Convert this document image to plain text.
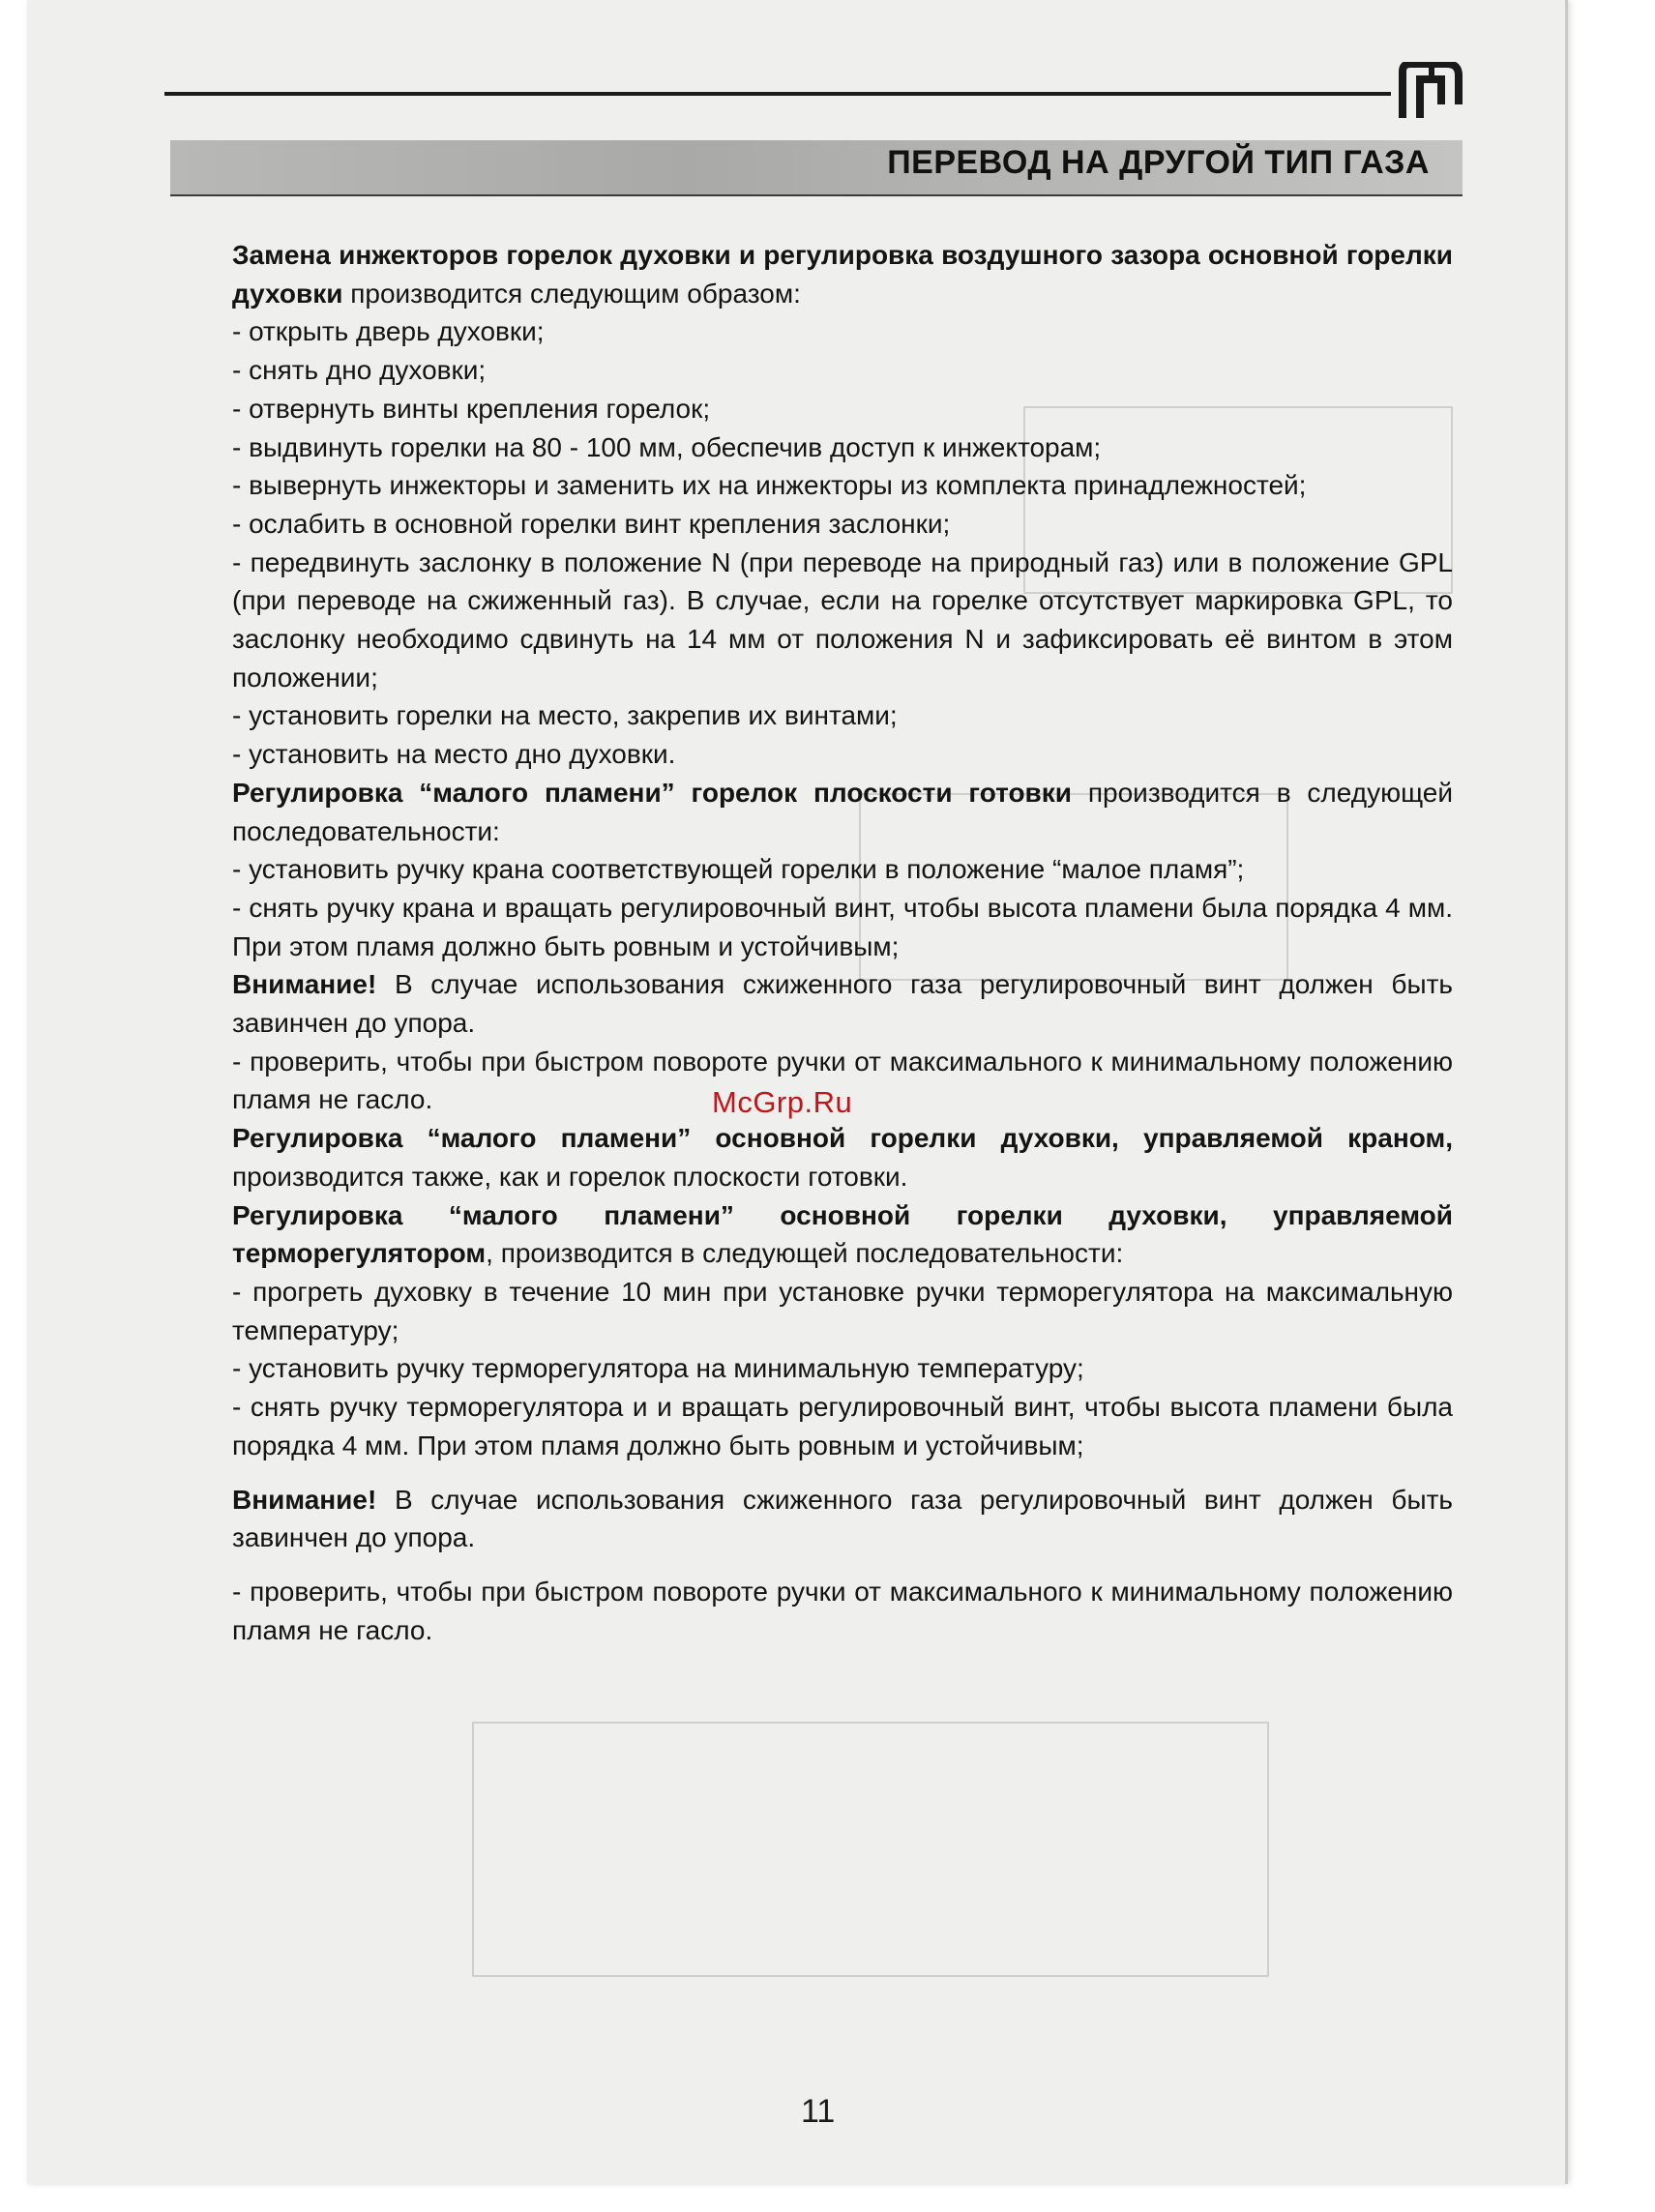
ПЕРЕВОД НА ДРУГОЙ ТИП ГАЗА

Замена инжекторов горелок духовки и регулировка воздушного зазора основной горелки духовки производится следующим образом:

- открыть дверь духовки;

- снять дно духовки;

- отвернуть винты крепления горелок;

- выдвинуть горелки на 80 - 100 мм, обеспечив доступ к инжекторам;

- вывернуть инжекторы и заменить их на инжекторы из комплекта принадлежностей;

- ослабить в основной горелки винт крепления заслонки;

- передвинуть заслонку в положение N (при переводе на природный газ) или в положение GPL (при переводе на сжиженный газ). В случае, если на горелке отсутствует маркировка GPL, то заслонку необходимо сдвинуть на 14 мм от положения N и зафиксировать её винтом в этом положении;

- установить горелки на место, закрепив их винтами;

- установить на место дно духовки.

Регулировка “малого пламени” горелок плоскости готовки производится в следующей последовательности:

- установить ручку крана соответствующей горелки в положение “малое пламя”;

- снять ручку крана и вращать регулировочный винт, чтобы высота пламени была порядка 4 мм. При этом пламя должно быть ровным и устойчивым;

Внимание! В случае использования сжиженного газа регулировочный винт должен быть завинчен до упора.

- проверить, чтобы при быстром повороте ручки от максимального к минимальному положению пламя не гасло.

Регулировка “малого пламени” основной горелки духовки, управляемой краном, производится также, как и горелок плоскости готовки.

Регулировка “малого пламени” основной горелки духовки, управляемой терморегулятором, производится в следующей последовательности:

- прогреть духовку в течение 10 мин при установке ручки терморегулятора на максимальную температуру;

- установить ручку терморегулятора на минимальную температуру;

- снять ручку терморегулятора и и вращать регулировочный винт, чтобы высота пламени была порядка 4 мм. При этом пламя должно быть ровным и устойчивым;

Внимание! В случае использования сжиженного газа регулировочный винт должен быть завинчен до упора.

- проверить, чтобы при быстром повороте ручки от максимального к минимальному положению пламя не гасло.

11
McGrp.Ru
